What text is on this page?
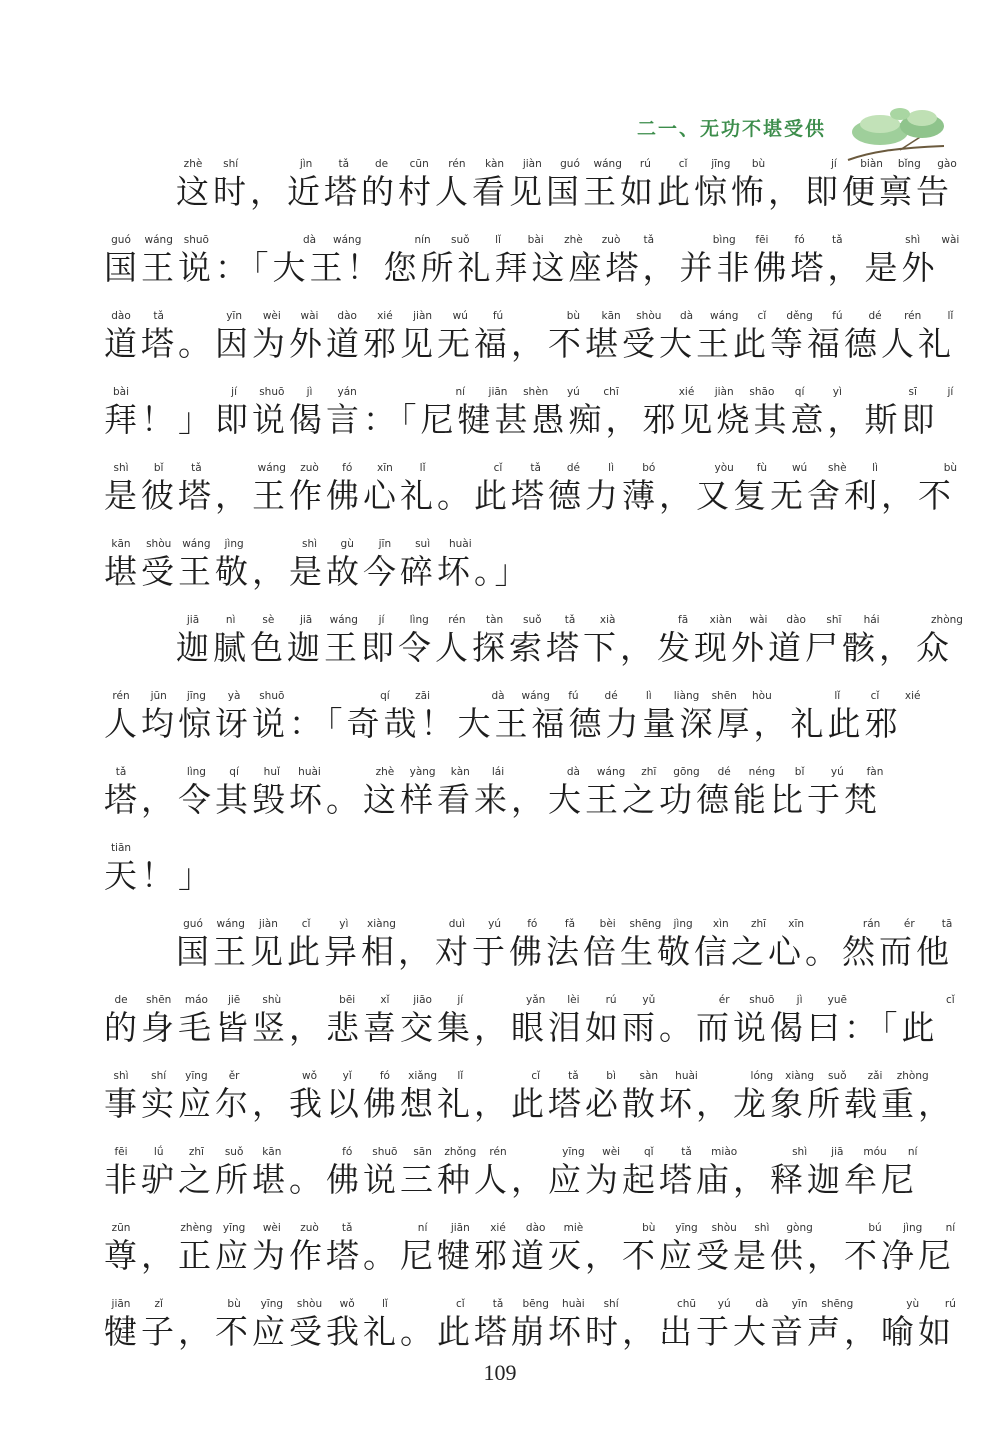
二一、无功不堪受供
zhè shí	jìn tǎ de cūn rén kàn jiàn guó wáng rú	cǐ jīng bù	jí biàn bǐng gào
这时，近塔的村人看见国王如此惊怖，即便禀告
guó wáng shuō	dà wáng	nín suǒ lǐ	bài zhè zuò tǎ	bìng fēi fó	tǎ	shì wài
国王说：「大王！您所礼拜这座塔，并非佛塔，是外
dào tǎ	yīn wèi wài dào xié jiàn wú fú	bù kān shòu dà wáng cǐ děng fú dé rén lǐ
道塔。因为外道邪见无福，不堪受大王此等福德人礼
bài	jí shuō jì yán	ní jiān shèn yú chī	xié jiàn shāo qí	yì	sī	jí
拜！」即说偈言：「尼犍甚愚痴，邪见烧其意，斯即
shì bǐ	tǎ	wáng zuò fó xīn	lǐ	cǐ	tǎ dé	lì	bó	yòu fù wú shè lì	bù
是彼塔，王作佛心礼。此塔德力薄，又复无舍利，不
kān shòu wáng jìng	shì gù jīn suì huài
堪受王敬，是故今碎坏。」
jiā	nì	sè jiā wáng jí lìng rén tàn suǒ tǎ xià	fā xiàn wài dào shī hái	zhòng
迦腻色迦王即令人探索塔下，发现外道尸骸，众
rén jūn jīng yà shuō	qí zāi	dà wáng fú dé	lì liàng shēn hòu	lǐ	cǐ xié
人均惊讶说：「奇哉！大王福德力量深厚，礼此邪
tǎ	lìng qí huǐ huài	zhè yàng kàn lái	dà wáng zhī gōng dé néng bǐ	yú fàn
塔，令其毁坏。这样看来，大王之功德能比于梵
tiān
天！」
guó wáng jiàn cǐ	yì xiàng	duì yú fó	fǎ bèi shēng jìng xìn zhī xīn	rán ér	tā
国王见此异相，对于佛法倍生敬信之心。然而他
de shēn máo jiē shù	bēi xǐ jiāo jí	yǎn lèi rú yǔ	ér shuō jì yuē	cǐ
的身毛皆竖，悲喜交集，眼泪如雨。而说偈曰：「此
shì shí yīng ěr	wǒ yǐ	fó xiǎng lǐ	cǐ	tǎ	bì sàn huài	lóng xiàng suǒ zǎi zhòng
事实应尔，我以佛想礼，此塔必散坏，龙象所载重，
fēi	lǘ zhī suǒ kān	fó shuō sān zhǒng rén	yīng wèi qǐ	tǎ miào	shì jiā móu ní
非驴之所堪。佛说三种人，应为起塔庙，释迦牟尼
zūn	zhèng yīng wèi zuò tǎ	ní jiān xié dào miè	bù yīng shòu shì gòng	bú jìng ní
尊，正应为作塔。尼犍邪道灭，不应受是供，不净尼
jiān zǐ	bù yīng shòu wǒ	lǐ	cǐ	tǎ bēng huài shí	chū yú dà yīn shēng	yù rú
犍子，不应受我礼。此塔崩坏时，出于大音声，喻如
109
